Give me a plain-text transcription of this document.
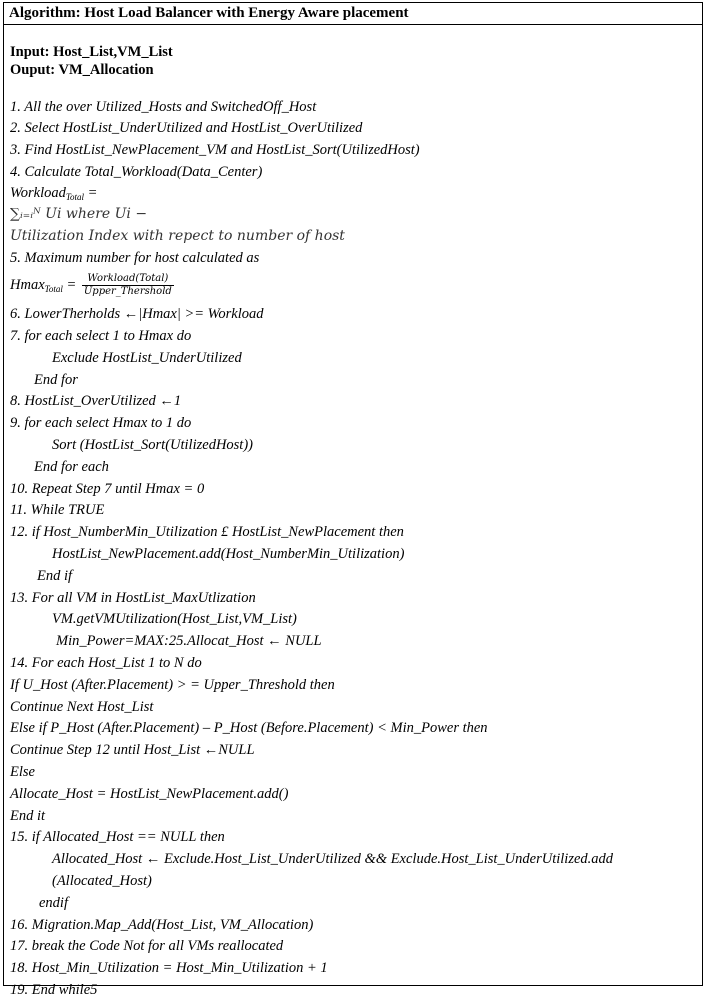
Algorithm: Host Load Balancer with Energy Aware placement
Input: Host_List,VM_List
Ouput: VM_Allocation
1. All the over Utilized_Hosts and SwitchedOff_Host
2. Select HostList_UnderUtilized and HostList_OverUtilized
3. Find HostList_NewPlacement_VM and HostList_Sort(UtilizedHost)
4. Calculate Total_Workload(Data_Center)
Workload$_{Total}$ =
∑ᵢ₌ᵢᴺ Ui where Ui −
Utilization Index with repect to number of host
5. Maximum number for host calculated as
$Hmax_{Total} = \frac{\text{Workload(Total)}}{\text{Upper\_Thershold}}$
6. LowerTherholds ←|Hmax| >= Workload
7. for each select 1 to Hmax do
Exclude HostList_UnderUtilized
End for
8. HostList_OverUtilized ←1
9. for each select Hmax to 1 do
Sort (HostList_Sort(UtilizedHost))
End for each
10. Repeat Step 7 until Hmax = 0
11. While TRUE
12. if Host_NumberMin_Utilization £ HostList_NewPlacement then
HostList_NewPlacement.add(Host_NumberMin_Utilization)
End if
13. For all VM in HostList_MaxUtlization
VM.getVMUtilization(Host_List,VM_List)
Min_Power=MAX:25.Allocat_Host ← NULL
14. For each Host_List 1 to N do
If U_Host (After.Placement) > = Upper_Threshold then
Continue Next Host_List
Else if P_Host (After.Placement) – P_Host (Before.Placement) < Min_Power then
Continue Step 12 until Host_List ←NULL
Else
Allocate_Host = HostList_NewPlacement.add()
End it
15. if Allocated_Host == NULL then
Allocated_Host ← Exclude.Host_List_UnderUtilized && Exclude.Host_List_UnderUtilized.add
(Allocated_Host)
endif
16. Migration.Map_Add(Host_List, VM_Allocation)
17. break the Code Not for all VMs reallocated
18. Host_Min_Utilization = Host_Min_Utilization + 1
19. End while5
